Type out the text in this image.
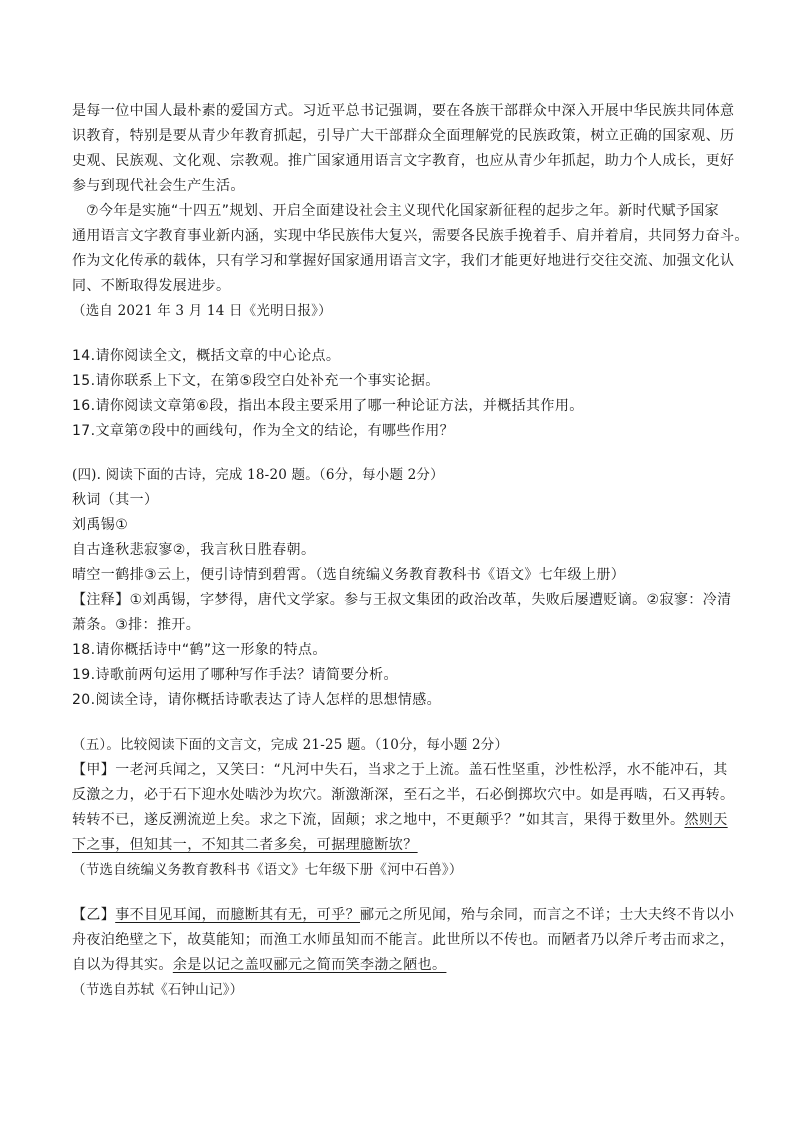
是每一位中国人最朴素的爱国方式。习近平总书记强调，要在各族干部群众中深入开展中华民族共同体意
识教育，特别是要从青少年教育抓起，引导广大干部群众全面理解党的民族政策，树立正确的国家观、历
史观、民族观、文化观、宗教观。推广国家通用语言文字教育，也应从青少年抓起，助力个人成长，更好
参与到现代社会生产生活。
⑦今年是实施“十四五”规划、开启全面建设社会主义现代化国家新征程的起步之年。新时代赋予国家
通用语言文字教育事业新内涵，实现中华民族伟大复兴，需要各民族手挽着手、肩并着肩，共同努力奋斗。
作为文化传承的载体，只有学习和掌握好国家通用语言文字，我们才能更好地进行交往交流、加强文化认
同、不断取得发展进步。
（选自 2021 年 3 月 14 日《光明日报》）
14.请你阅读全文，概括文章的中心论点。
15.请你联系上下文，在第⑤段空白处补充一个事实论据。
16.请你阅读文章第⑥段，指出本段主要采用了哪一种论证方法，并概括其作用。
17.文章第⑦段中的画线句，作为全文的结论，有哪些作用？
(四). 阅读下面的古诗，完成 18-20 题。（6分，每小题 2分）
秋词（其一）
刘禹锡①
自古逢秋悲寂寥②，我言秋日胜春朝。
晴空一鹤排③云上，便引诗情到碧霄。（选自统编义务教育教科书《语文》七年级上册）
【注释】①刘禹锡，字梦得，唐代文学家。参与王叔文集团的政治改革，失败后屡遭贬谪。②寂寥：冷清
萧条。③排：推开。
18.请你概括诗中“鹤”这一形象的特点。
19.诗歌前两句运用了哪种写作手法？请简要分析。
20.阅读全诗，请你概括诗歌表达了诗人怎样的思想情感。
（五）。比较阅读下面的文言文，完成 21-25 题。（10分，每小题 2分）
【甲】一老河兵闻之，又笑曰：“凡河中失石，当求之于上流。盖石性坚重，沙性松浮，水不能冲石，其
反激之力，必于石下迎水处啮沙为坎穴。渐激渐深，至石之半，石必倒掷坎穴中。如是再啮，石又再转。
转转不已，遂反溯流逆上矣。求之下流，固颠；求之地中，不更颠乎？”如其言，果得于数里外。然则天
下之事，但知其一，不知其二者多矣，可据理臆断欤？
（节选自统编义务教育教科书《语文》七年级下册《河中石兽》）
【乙】事不目见耳闻，而臆断其有无，可乎？郦元之所见闻，殆与余同，而言之不详；士大夫终不肯以小
舟夜泊绝壁之下，故莫能知；而渔工水师虽知而不能言。此世所以不传也。而陋者乃以斧斤考击而求之，
自以为得其实。余是以记之盖叹郦元之简而笑李渤之陋也。
（节选自苏轼《石钟山记》）
